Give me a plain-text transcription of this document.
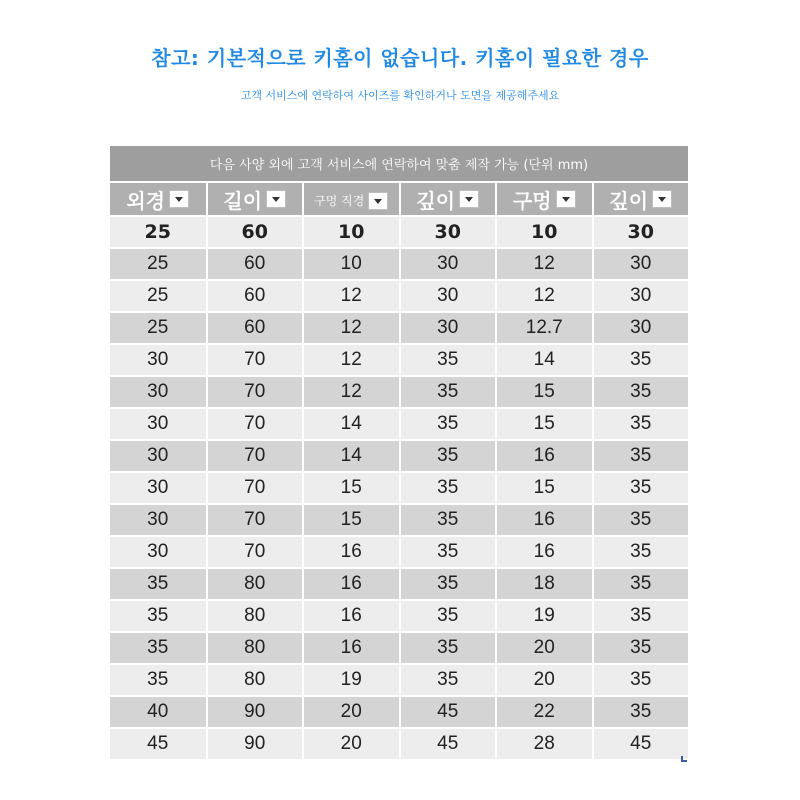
참고: 기본적으로 키홈이 없습니다. 키홈이 필요한 경우
고객 서비스에 연락하여 사이즈를 확인하거나 도면을 제공해주세요
다음 사양 외에 고객 서비스에 연락하여 맞춤 제작 가능 (단위 mm)					
외경	길이	구멍 직경	깊이	구멍	깊이
25	60	10	30	10	30
25	60	10	30	12	30
25	60	12	30	12	30
25	60	12	30	12.7	30
30	70	12	35	14	35
30	70	12	35	15	35
30	70	14	35	15	35
30	70	14	35	16	35
30	70	15	35	15	35
30	70	15	35	16	35
30	70	16	35	16	35
35	80	16	35	18	35
35	80	16	35	19	35
35	80	16	35	20	35
35	80	19	35	20	35
40	90	20	45	22	35
45	90	20	45	28	45
